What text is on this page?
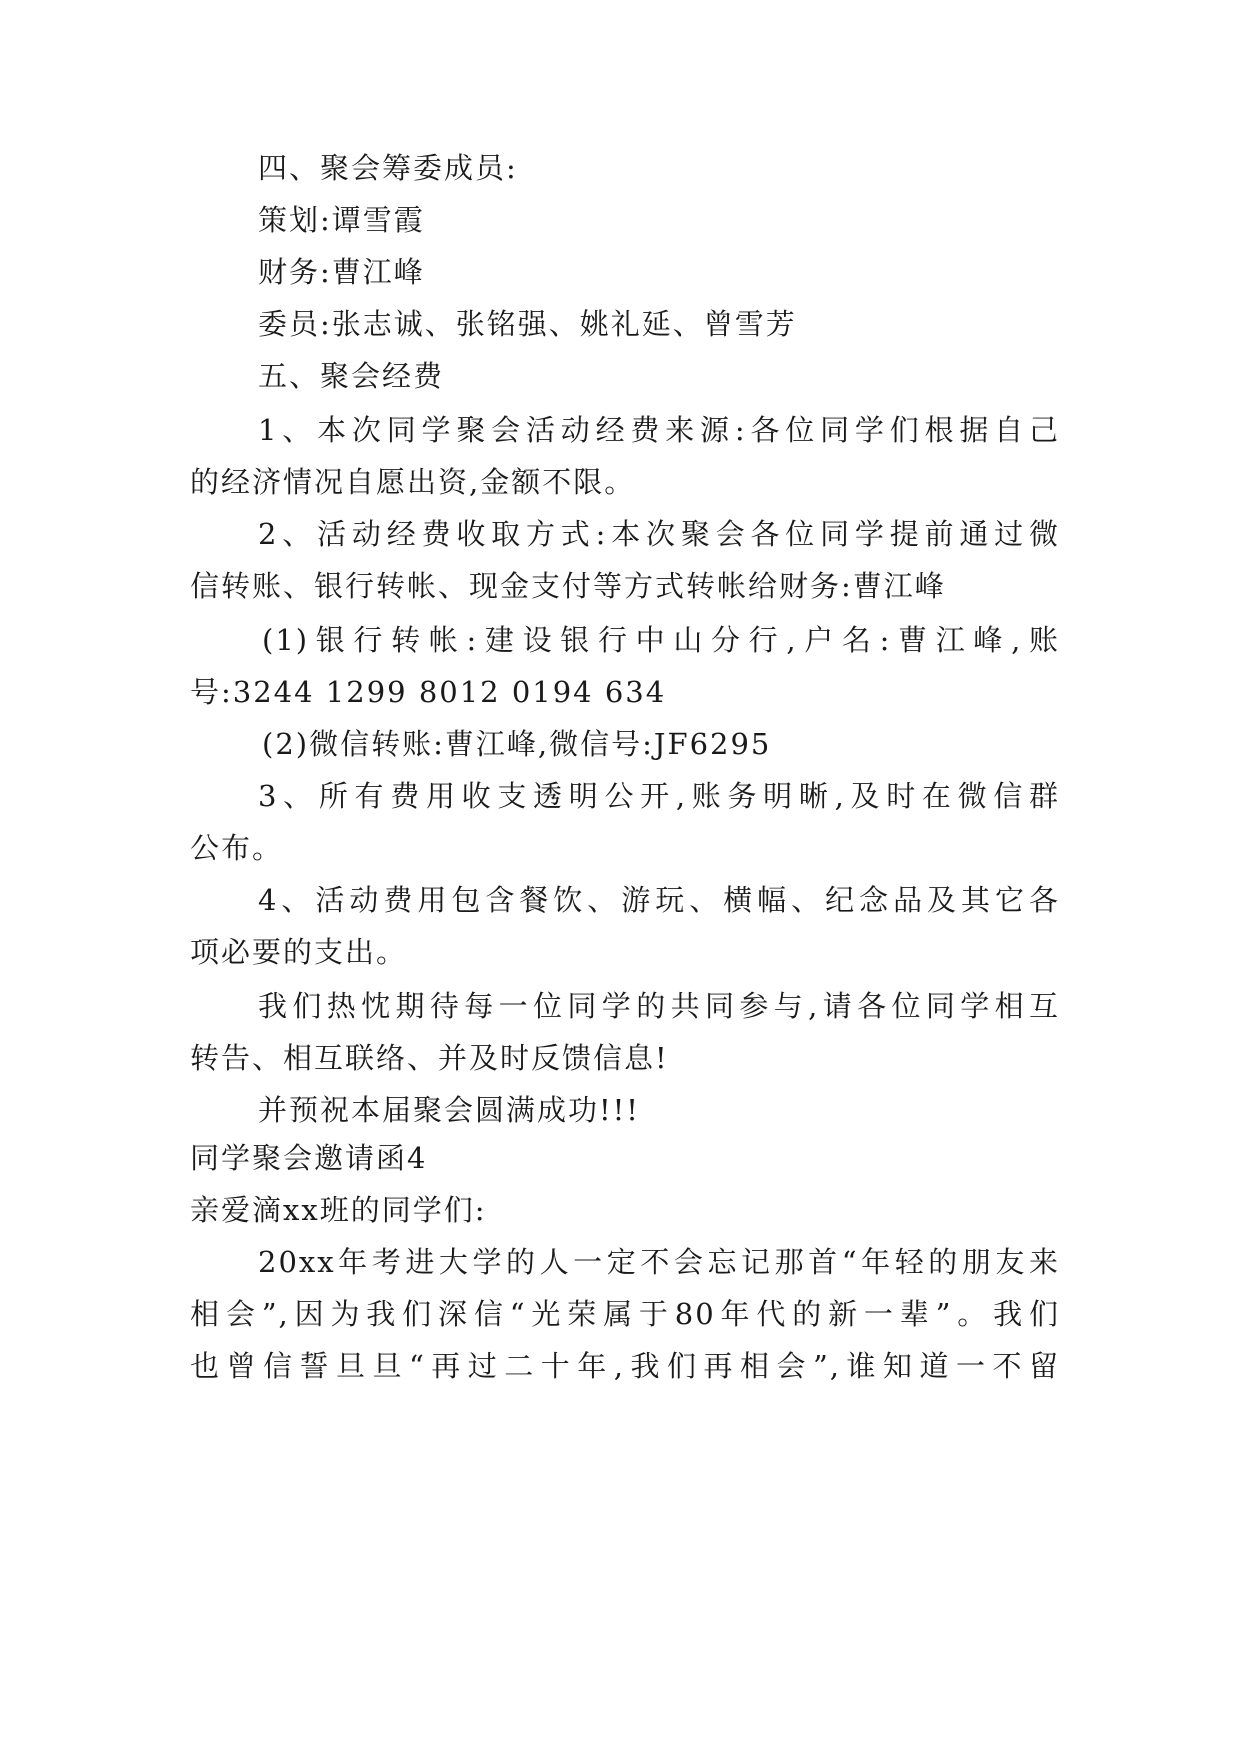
四、聚会筹委成员:
策划:谭雪霞
财务:曹江峰
委员:张志诚、张铭强、姚礼延、曾雪芳
五、聚会经费
1、本次同学聚会活动经费来源:各位同学们根据自己
的经济情况自愿出资,金额不限。
2、活动经费收取方式:本次聚会各位同学提前通过微
信转账、银行转帐、现金支付等方式转帐给财务:曹江峰
(1)银行转帐:建设银行中山分行,户名:曹江峰,账
号:3244 1299 8012 0194 634
(2)微信转账:曹江峰,微信号:JF6295
3、所有费用收支透明公开,账务明晰,及时在微信群
公布。
4、活动费用包含餐饮、游玩、横幅、纪念品及其它各
项必要的支出。
我们热忱期待每一位同学的共同参与,请各位同学相互
转告、相互联络、并及时反馈信息!
并预祝本届聚会圆满成功!!!
同学聚会邀请函4
亲爱滴xx班的同学们:
20xx年考进大学的人一定不会忘记那首“年轻的朋友来
相会”,因为我们深信“光荣属于80年代的新一辈”。我们
也曾信誓旦旦“再过二十年,我们再相会”,谁知道一不留
